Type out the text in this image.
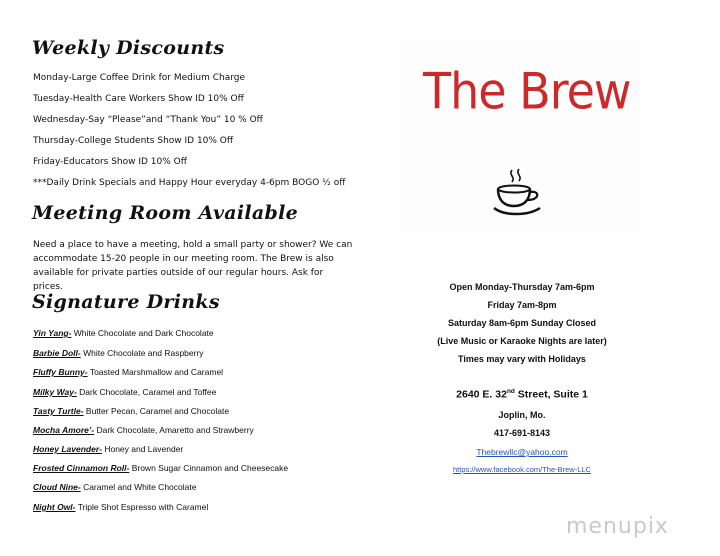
Weekly Discounts
Monday-Large Coffee Drink for Medium Charge
Tuesday-Health Care Workers Show ID 10% Off
Wednesday-Say “Please”and “Thank You” 10 % Off
Thursday-College Students Show ID 10% Off
Friday-Educators Show ID 10% Off
***Daily Drink Specials and Happy Hour everyday 4-6pm BOGO ½ off
Meeting Room Available
Need a place to have a meeting, hold a small party or shower? We can accommodate 15-20 people in our meeting room. The Brew is also available for private parties outside of our regular hours. Ask for prices.
Signature Drinks
Yin Yang- White Chocolate and Dark Chocolate
Barbie Doll- White Chocolate and Raspberry
Fluffy Bunny- Toasted Marshmallow and Caramel
Milky Way- Dark Chocolate, Caramel and Toffee
Tasty Turtle- Butter Pecan, Caramel and Chocolate
Mocha Amore’- Dark Chocolate, Amaretto and Strawberry
Honey Lavender- Honey and Lavender
Frosted Cinnamon Roll- Brown Sugar Cinnamon and Cheesecake
Cloud Nine- Caramel and White Chocolate
Night Owl- Triple Shot Espresso with Caramel
The Brew
Open Monday-Thursday 7am-6pm
Friday 7am-8pm
Saturday 8am-6pm Sunday Closed
(Live Music or Karaoke Nights are later)
Times may vary with Holidays
2640 E. 32nd Street, Suite 1
Joplin, Mo.
417-691-8143
Thebrewllc@yahoo.com
https://www.facebook.com/The-Brew-LLC
menupix
